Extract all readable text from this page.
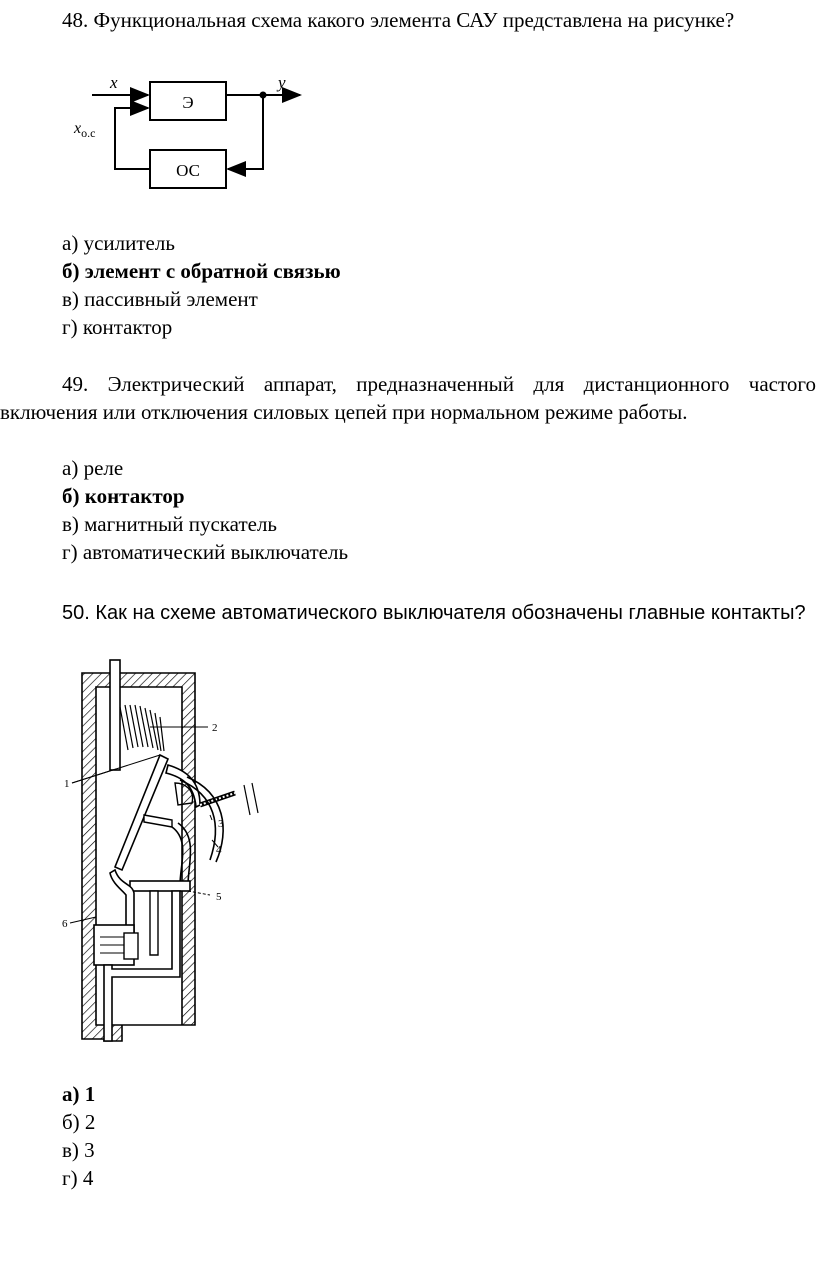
48. Функциональная схема какого элемента САУ представлена на рисунке?

Э
ОС
x	y
$x_{о.с}$
а) усилитель
б) элемент с обратной связью
в) пассивный элемент
г) контактор

49. Электрический аппарат, предназначенный для дистанционного частого включения или отключения силовых цепей при нормальном режиме работы.

а) реле
б) контактор
в) магнитный пускатель
г) автоматический выключатель

50. Как на схеме автоматического выключателя обозначены главные контакты?

1
2
3
4
5
6
а) 1
б) 2
в) 3
г) 4
